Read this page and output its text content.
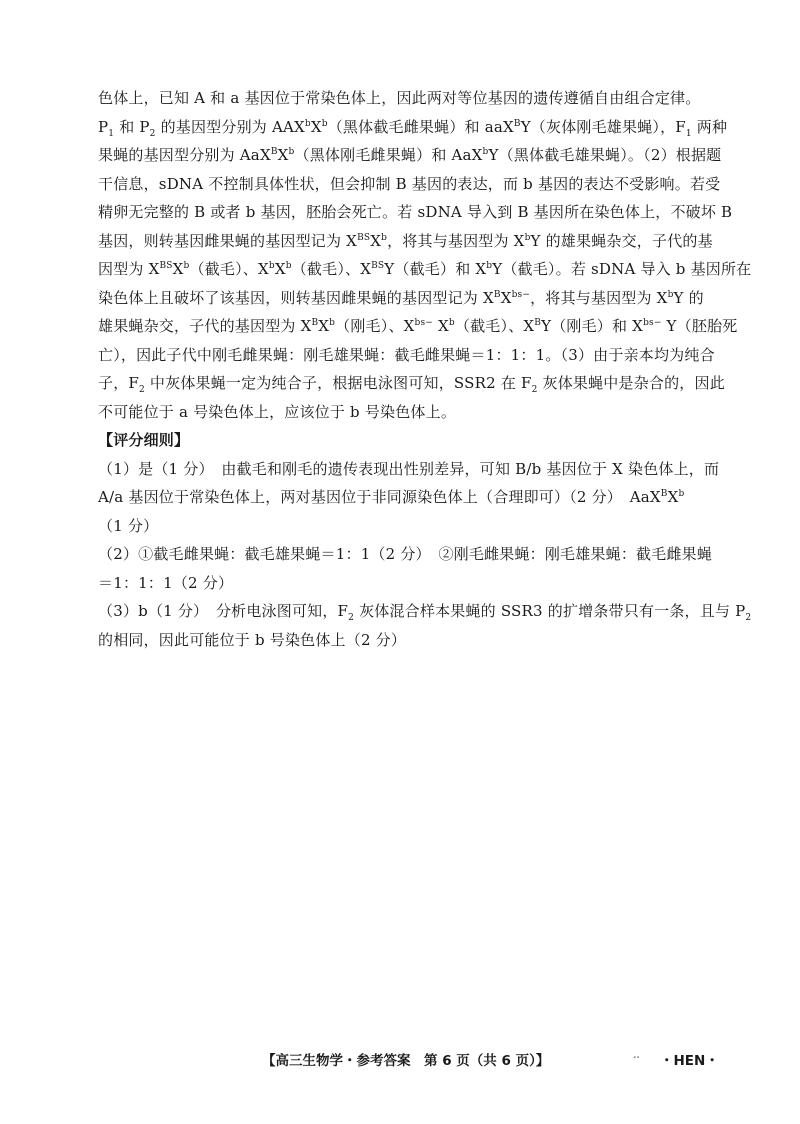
色体上，已知 A 和 a 基因位于常染色体上，因此两对等位基因的遗传遵循自由组合定律。
$P_1$ 和 $P_2$ 的基因型分别为 $AAX^bX^b$（黑体截毛雌果蝇）和 aaX$^B$Y（灰体刚毛雄果蝇），$F_1$ 两种
果蝇的基因型分别为 $AaX^BX^b$（黑体刚毛雌果蝇）和 AaX$^b$Y（黑体截毛雄果蝇）。（2）根据题
干信息，sDNA 不控制具体性状，但会抑制 B 基因的表达，而 b 基因的表达不受影响。若受
精卵无完整的 B 或者 b 基因，胚胎会死亡。若 sDNA 导入到 B 基因所在染色体上，不破坏 B
基因，则转基因雌果蝇的基因型记为 $X^{BS}X^b$，将其与基因型为 $X^bY$ 的雄果蝇杂交，子代的基
因型为 $X^{BS}X^b$（截毛）、$X^bX^b$（截毛）、$X^{BS}Y$（截毛）和 $X^bY$（截毛）。若 sDNA 导入 b 基因所在
染色体上且破坏了该基因，则转基因雌果蝇的基因型记为 $X^BX^{bs-}$，将其与基因型为 $X^bY$ 的
雄果蝇杂交，子代的基因型为 $X^BX^b$（刚毛）、$X^{bs-}$ $X^b$（截毛）、$X^BY$（刚毛）和 $X^{bs-}$ Y（胚胎死
亡），因此子代中刚毛雌果蝇：刚毛雄果蝇：截毛雌果蝇＝1：1：1。（3）由于亲本均为纯合
子，$F_2$ 中灰体果蝇一定为纯合子，根据电泳图可知，SSR2 在 $F_2$ 灰体果蝇中是杂合的，因此
不可能位于 a 号染色体上，应该位于 b 号染色体上。
【评分细则】
（1）是（1 分）　由截毛和刚毛的遗传表现出性别差异，可知 B/b 基因位于 X 染色体上，而
A/a 基因位于常染色体上，两对基因位于非同源染色体上（合理即可）（2 分）　$AaX^BX^b$
（1 分）
（2）①截毛雌果蝇：截毛雄果蝇＝1：1（2 分）　②刚毛雌果蝇：刚毛雄果蝇：截毛雌果蝇
＝1：1：1（2 分）
（3）b（1 分）　分析电泳图可知，$F_2$ 灰体混合样本果蝇的 SSR3 的扩增条带只有一条，且与 $P_2$
的相同，因此可能位于 b 号染色体上（2 分）
【高三生物学・参考答案　第 6 页（共 6 页）】	.. ・HEN・
